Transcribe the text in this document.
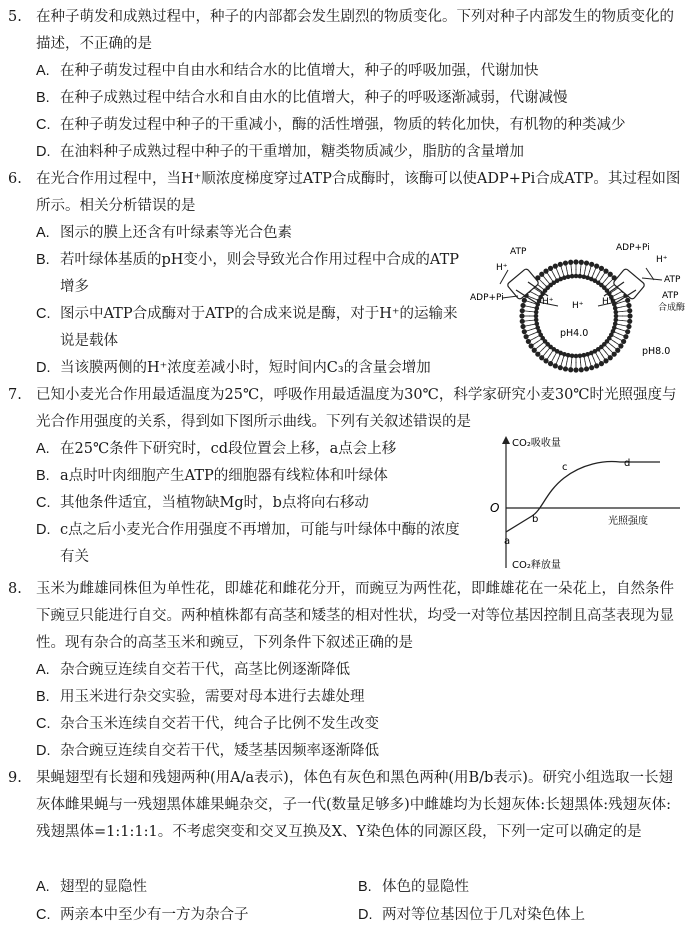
5. 在种子萌发和成熟过程中，种子的内部都会发生剧烈的物质变化。下列对种子内部发生的物质变化的描述，不正确的是
A. 在种子萌发过程中自由水和结合水的比值增大，种子的呼吸加强，代谢加快
B. 在种子成熟过程中结合水和自由水的比值增大，种子的呼吸逐渐减弱，代谢减慢
C. 在种子萌发过程中种子的干重减小，酶的活性增强，物质的转化加快，有机物的种类减少
D. 在油料种子成熟过程中种子的干重增加，糖类物质减少，脂肪的含量增加
6. 在光合作用过程中，当H⁺顺浓度梯度穿过ATP合成酶时，该酶可以使ADP+Pi合成ATP。其过程如图所示。相关分析错误的是
A. 图示的膜上还含有叶绿素等光合色素
B. 若叶绿体基质的pH变小，则会导致光合作用过程中合成的ATP增多
C. 图示中ATP合成酶对于ATP的合成来说是酶，对于H⁺的运输来说是载体
D. 当该膜两侧的H⁺浓度差减小时，短时间内C₃的含量会增加
ATP	ADP+Pi
H⁺
ATP
ATP
合成酶
H⁺
ADP+Pi	H⁺ H⁺ H⁺
pH4.0
pH8.0
7. 已知小麦光合作用最适温度为25℃，呼吸作用最适温度为30℃，科学家研究小麦30℃时光照强度与光合作用强度的关系，得到如下图所示曲线。下列有关叙述错误的是
A. 在25℃条件下研究时，cd段位置会上移，a点会上移
B. a点时叶肉细胞产生ATP的细胞器有线粒体和叶绿体
C. 其他条件适宜，当植物缺Mg时，b点将向右移动
D. c点之后小麦光合作用强度不再增加，可能与叶绿体中酶的浓度有关
CO₂吸收量
CO₂释放量
光照强度
O
a
b
c	d
8. 玉米为雌雄同株但为单性花，即雄花和雌花分开，而豌豆为两性花，即雌雄花在一朵花上，自然条件下豌豆只能进行自交。两种植株都有高茎和矮茎的相对性状，均受一对等位基因控制且高茎表现为显性。现有杂合的高茎玉米和豌豆，下列条件下叙述正确的是
A. 杂合豌豆连续自交若干代，高茎比例逐渐降低
B. 用玉米进行杂交实验，需要对母本进行去雄处理
C. 杂合玉米连续自交若干代，纯合子比例不发生改变
D. 杂合豌豆连续自交若干代，矮茎基因频率逐渐降低
9. 果蝇翅型有长翅和残翅两种(用A/a表示)，体色有灰色和黑色两种(用B/b表示)。研究小组选取一长翅灰体雌果蝇与一残翅黑体雄果蝇杂交，子一代(数量足够多)中雌雄均为长翅灰体:长翅黑体:残翅灰体:残翅黑体=1:1:1:1。不考虑突变和交叉互换及X、Y染色体的同源区段，下列一定可以确定的是
A. 翅型的显隐性	B. 体色的显隐性
C. 两亲本中至少有一方为杂合子	D. 两对等位基因位于几对染色体上
